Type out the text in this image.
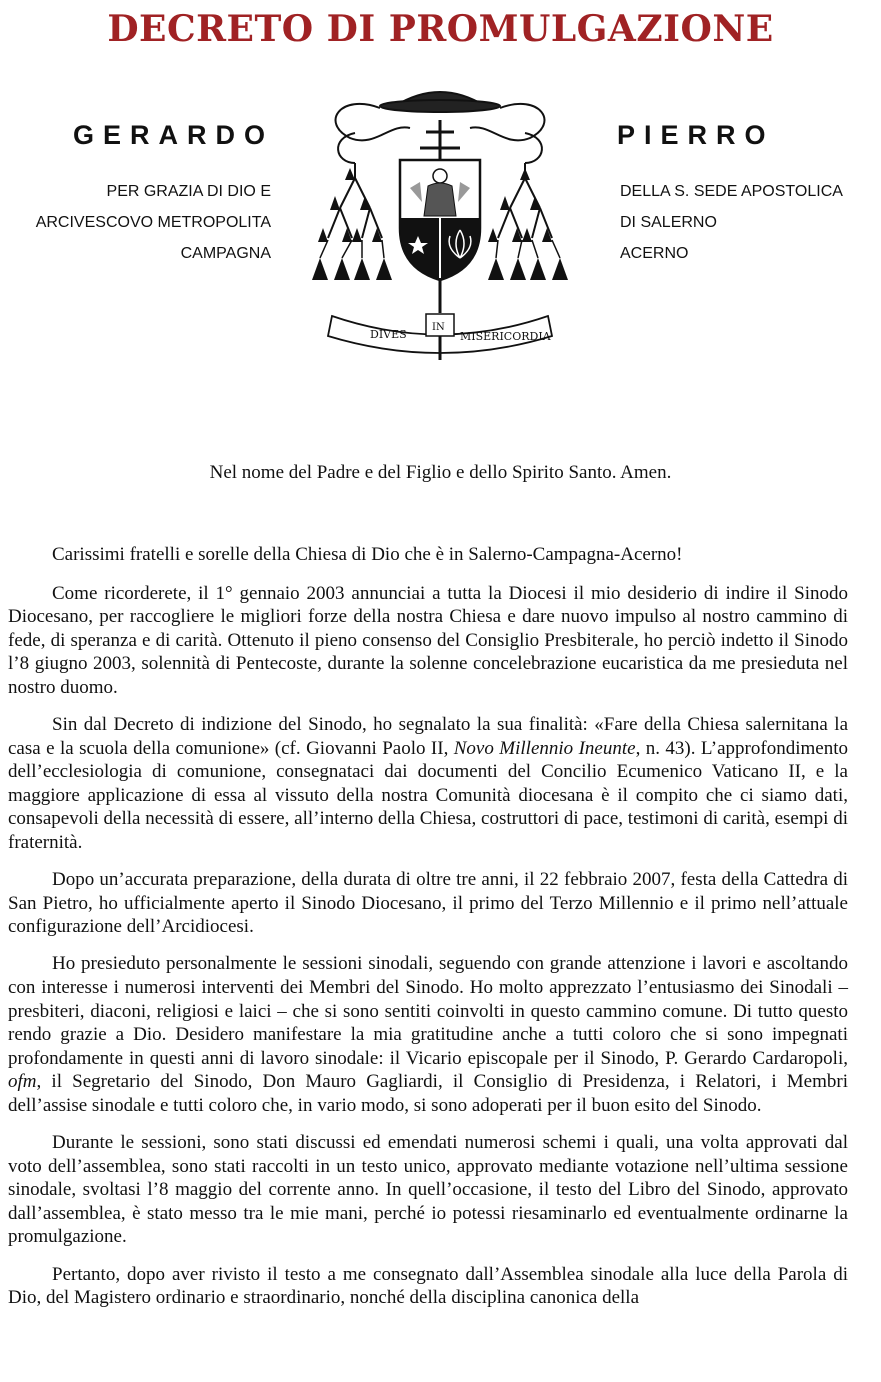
DECRETO DI PROMULGAZIONE
GERARDO	PIERRO
PER GRAZIA DI DIO E
ARCIVESCOVO METROPOLITA
CAMPAGNA
DELLA S. SEDE APOSTOLICA
DI SALERNO
ACERNO
DIVES
IN
MISERICORDIA
Nel nome del Padre e del Figlio e dello Spirito Santo. Amen.

Carissimi fratelli e sorelle della Chiesa di Dio che è in Salerno-Campagna-Acerno!

Come ricorderete, il 1° gennaio 2003 annunciai a tutta la Diocesi il mio desiderio di indire il Sinodo Diocesano, per raccogliere le migliori forze della nostra Chiesa e dare nuovo impulso al nostro cammino di fede, di speranza e di carità. Ottenuto il pieno consenso del Consiglio Presbiterale, ho perciò indetto il Sinodo l’8 giugno 2003, solennità di Pentecoste, durante la solenne concelebrazione eucaristica da me presieduta nel nostro duomo.

Sin dal Decreto di indizione del Sinodo, ho segnalato la sua finalità: «Fare della Chiesa salernitana la casa e la scuola della comunione» (cf. Giovanni Paolo II, Novo Millennio Ineunte, n. 43). L’approfondimento dell’ecclesiologia di comunione, consegnataci dai documenti del Concilio Ecumenico Vaticano II, e la maggiore applicazione di essa al vissuto della nostra Comunità diocesana è il compito che ci siamo dati, consapevoli della necessità di essere, all’interno della Chiesa, costruttori di pace, testimoni di carità, esempi di fraternità.

Dopo un’accurata preparazione, della durata di oltre tre anni, il 22 febbraio 2007, festa della Cattedra di San Pietro, ho ufficialmente aperto il Sinodo Diocesano, il primo del Terzo Millennio e il primo nell’attuale configurazione dell’Arcidiocesi.

Ho presieduto personalmente le sessioni sinodali, seguendo con grande attenzione i lavori e ascoltando con interesse i numerosi interventi dei Membri del Sinodo. Ho molto apprezzato l’entusiasmo dei Sinodali – presbiteri, diaconi, religiosi e laici – che si sono sentiti coinvolti in questo cammino comune. Di tutto questo rendo grazie a Dio. Desidero manifestare la mia gratitudine anche a tutti coloro che si sono impegnati profondamente in questi anni di lavoro sinodale: il Vicario episcopale per il Sinodo, P. Gerardo Cardaropoli, ofm, il Segretario del Sinodo, Don Mauro Gagliardi, il Consiglio di Presidenza, i Relatori, i Membri dell’assise sinodale e tutti coloro che, in vario modo, si sono adoperati per il buon esito del Sinodo.

Durante le sessioni, sono stati discussi ed emendati numerosi schemi i quali, una volta approvati dal voto dell’assemblea, sono stati raccolti in un testo unico, approvato mediante votazione nell’ultima sessione sinodale, svoltasi l’8 maggio del corrente anno. In quell’occasione, il testo del Libro del Sinodo, approvato dall’assemblea, è stato messo tra le mie mani, perché io potessi riesaminarlo ed eventualmente ordinarne la promulgazione.

Pertanto, dopo aver rivisto il testo a me consegnato dall’Assemblea sinodale alla luce della Parola di Dio, del Magistero ordinario e straordinario, nonché della disciplina canonica della
